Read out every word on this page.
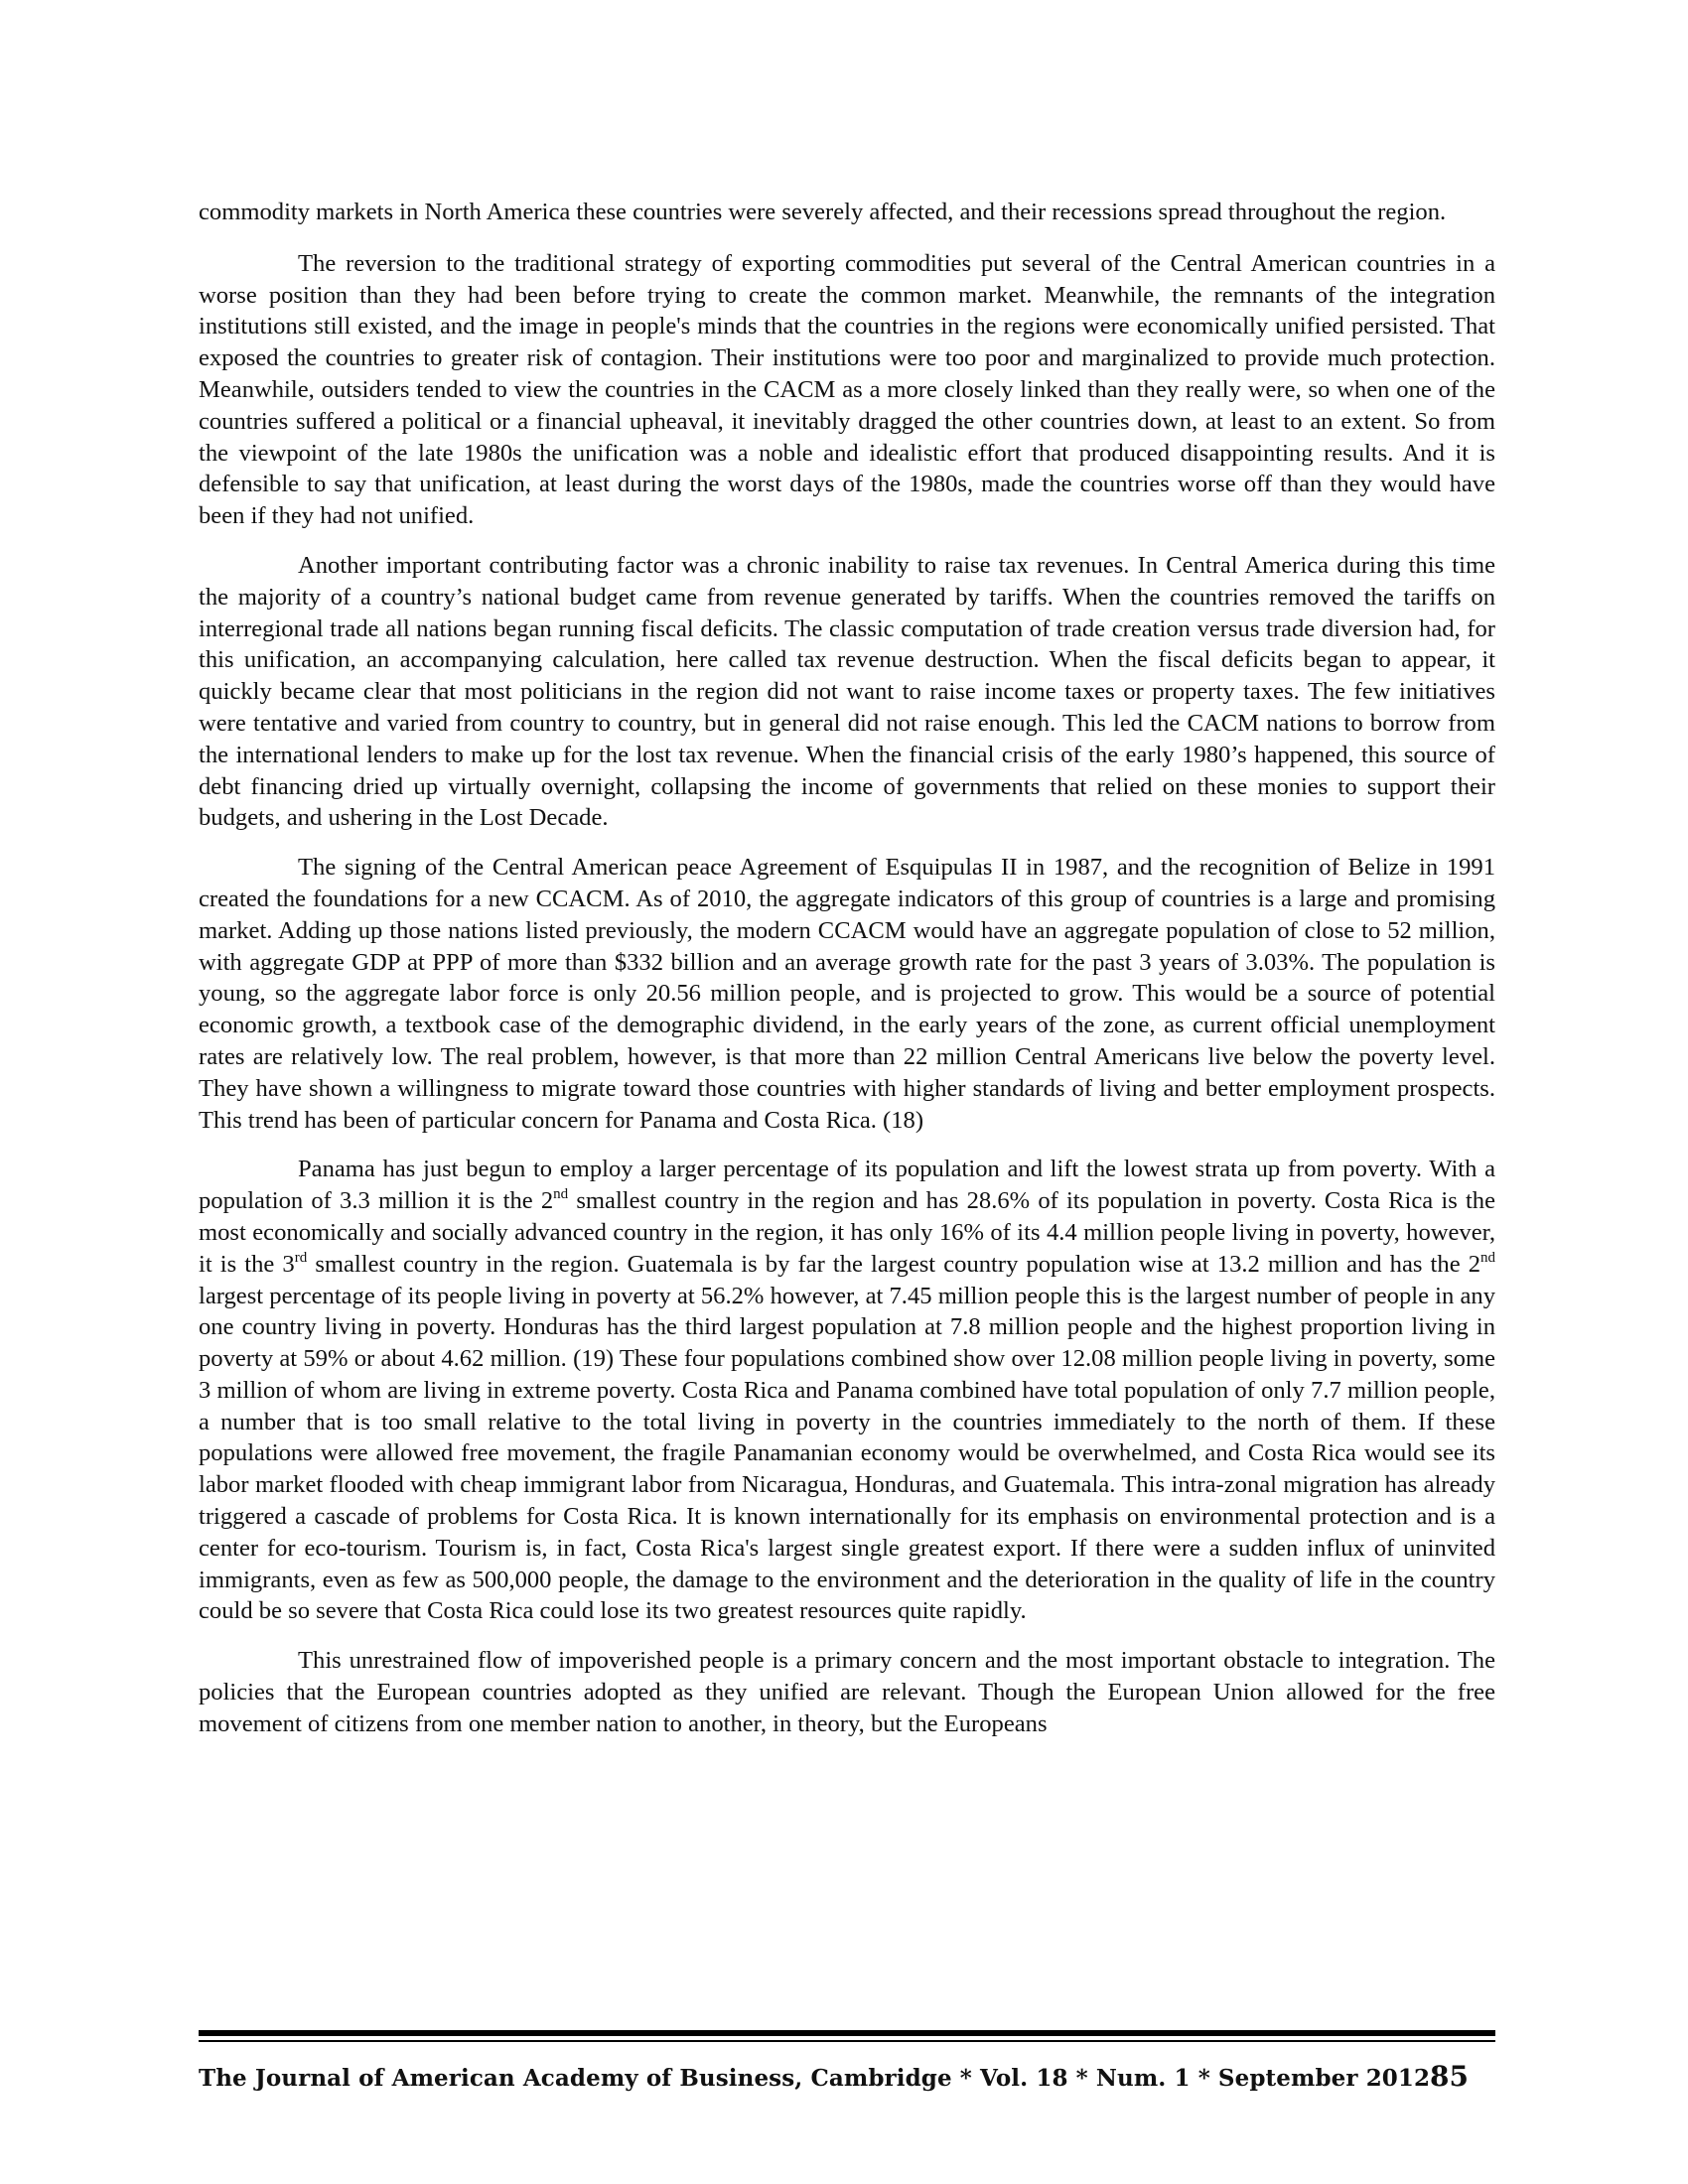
commodity markets in North America these countries were severely affected, and their recessions spread throughout the region.

The reversion to the traditional strategy of exporting commodities put several of the Central American countries in a worse position than they had been before trying to create the common market. Meanwhile, the remnants of the integration institutions still existed, and the image in people's minds that the countries in the regions were economically unified persisted. That exposed the countries to greater risk of contagion. Their institutions were too poor and marginalized to provide much protection. Meanwhile, outsiders tended to view the countries in the CACM as a more closely linked than they really were, so when one of the countries suffered a political or a financial upheaval, it inevitably dragged the other countries down, at least to an extent. So from the viewpoint of the late 1980s the unification was a noble and idealistic effort that produced disappointing results. And it is defensible to say that unification, at least during the worst days of the 1980s, made the countries worse off than they would have been if they had not unified.

Another important contributing factor was a chronic inability to raise tax revenues. In Central America during this time the majority of a country’s national budget came from revenue generated by tariffs. When the countries removed the tariffs on interregional trade all nations began running fiscal deficits. The classic computation of trade creation versus trade diversion had, for this unification, an accompanying calculation, here called tax revenue destruction. When the fiscal deficits began to appear, it quickly became clear that most politicians in the region did not want to raise income taxes or property taxes. The few initiatives were tentative and varied from country to country, but in general did not raise enough. This led the CACM nations to borrow from the international lenders to make up for the lost tax revenue. When the financial crisis of the early 1980’s happened, this source of debt financing dried up virtually overnight, collapsing the income of governments that relied on these monies to support their budgets, and ushering in the Lost Decade.

The signing of the Central American peace Agreement of Esquipulas II in 1987, and the recognition of Belize in 1991 created the foundations for a new CCACM. As of 2010, the aggregate indicators of this group of countries is a large and promising market. Adding up those nations listed previously, the modern CCACM would have an aggregate population of close to 52 million, with aggregate GDP at PPP of more than $332 billion and an average growth rate for the past 3 years of 3.03%. The population is young, so the aggregate labor force is only 20.56 million people, and is projected to grow. This would be a source of potential economic growth, a textbook case of the demographic dividend, in the early years of the zone, as current official unemployment rates are relatively low. The real problem, however, is that more than 22 million Central Americans live below the poverty level. They have shown a willingness to migrate toward those countries with higher standards of living and better employment prospects. This trend has been of particular concern for Panama and Costa Rica. (18)

Panama has just begun to employ a larger percentage of its population and lift the lowest strata up from poverty. With a population of 3.3 million it is the 2nd smallest country in the region and has 28.6% of its population in poverty. Costa Rica is the most economically and socially advanced country in the region, it has only 16% of its 4.4 million people living in poverty, however, it is the 3rd smallest country in the region. Guatemala is by far the largest country population wise at 13.2 million and has the 2nd largest percentage of its people living in poverty at 56.2% however, at 7.45 million people this is the largest number of people in any one country living in poverty. Honduras has the third largest population at 7.8 million people and the highest proportion living in poverty at 59% or about 4.62 million. (19) These four populations combined show over 12.08 million people living in poverty, some 3 million of whom are living in extreme poverty. Costa Rica and Panama combined have total population of only 7.7 million people, a number that is too small relative to the total living in poverty in the countries immediately to the north of them. If these populations were allowed free movement, the fragile Panamanian economy would be overwhelmed, and Costa Rica would see its labor market flooded with cheap immigrant labor from Nicaragua, Honduras, and Guatemala. This intra-zonal migration has already triggered a cascade of problems for Costa Rica. It is known internationally for its emphasis on environmental protection and is a center for eco-tourism. Tourism is, in fact, Costa Rica's largest single greatest export. If there were a sudden influx of uninvited immigrants, even as few as 500,000 people, the damage to the environment and the deterioration in the quality of life in the country could be so severe that Costa Rica could lose its two greatest resources quite rapidly.

This unrestrained flow of impoverished people is a primary concern and the most important obstacle to integration. The policies that the European countries adopted as they unified are relevant. Though the European Union allowed for the free movement of citizens from one member nation to another, in theory, but the Europeans

The Journal of American Academy of Business, Cambridge * Vol. 18 * Num. 1 * September 2012 85
